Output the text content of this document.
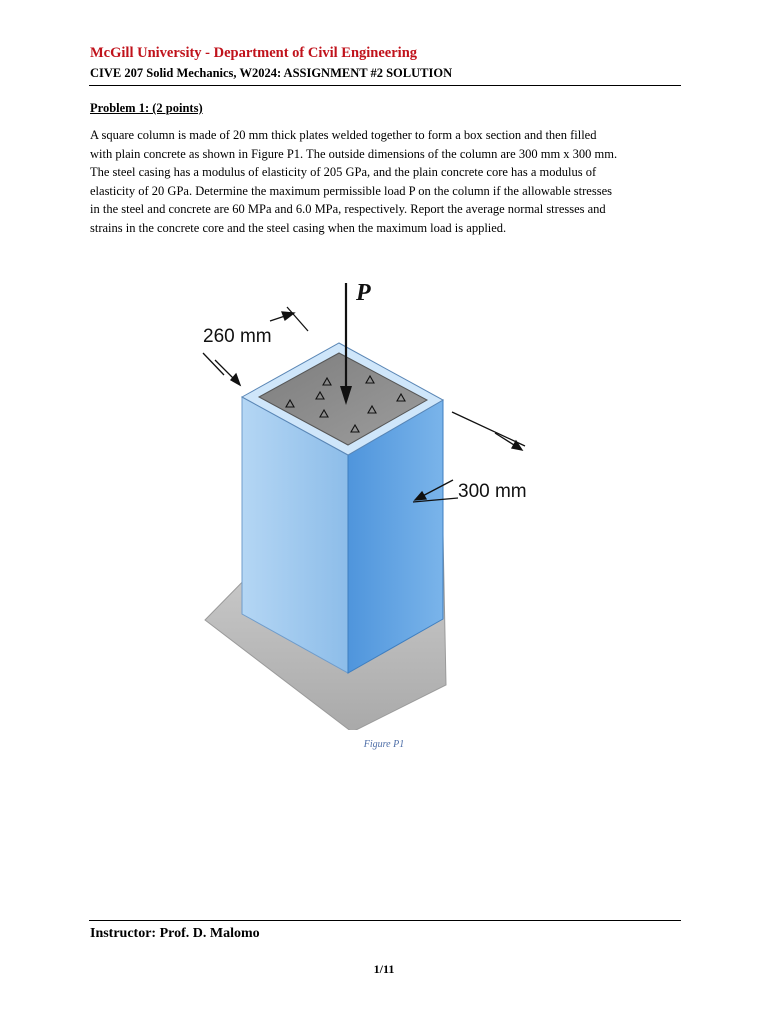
McGill University - Department of Civil Engineering
CIVE 207 Solid Mechanics, W2024: ASSIGNMENT #2 SOLUTION
Problem 1: (2 points)
A square column is made of 20 mm thick plates welded together to form a box section and then filled
with plain concrete as shown in Figure P1. The outside dimensions of the column are 300 mm x 300 mm.
The steel casing has a modulus of elasticity of 205 GPa, and the plain concrete core has a modulus of
elasticity of 20 GPa. Determine the maximum permissible load P on the column if the allowable stresses
in the steel and concrete are 60 MPa and 6.0 MPa, respectively. Report the average normal stresses and
strains in the concrete core and the steel casing when the maximum load is applied.
P
260 mm
300 mm
Figure P1
Instructor: Prof. D. Malomo
1/11
